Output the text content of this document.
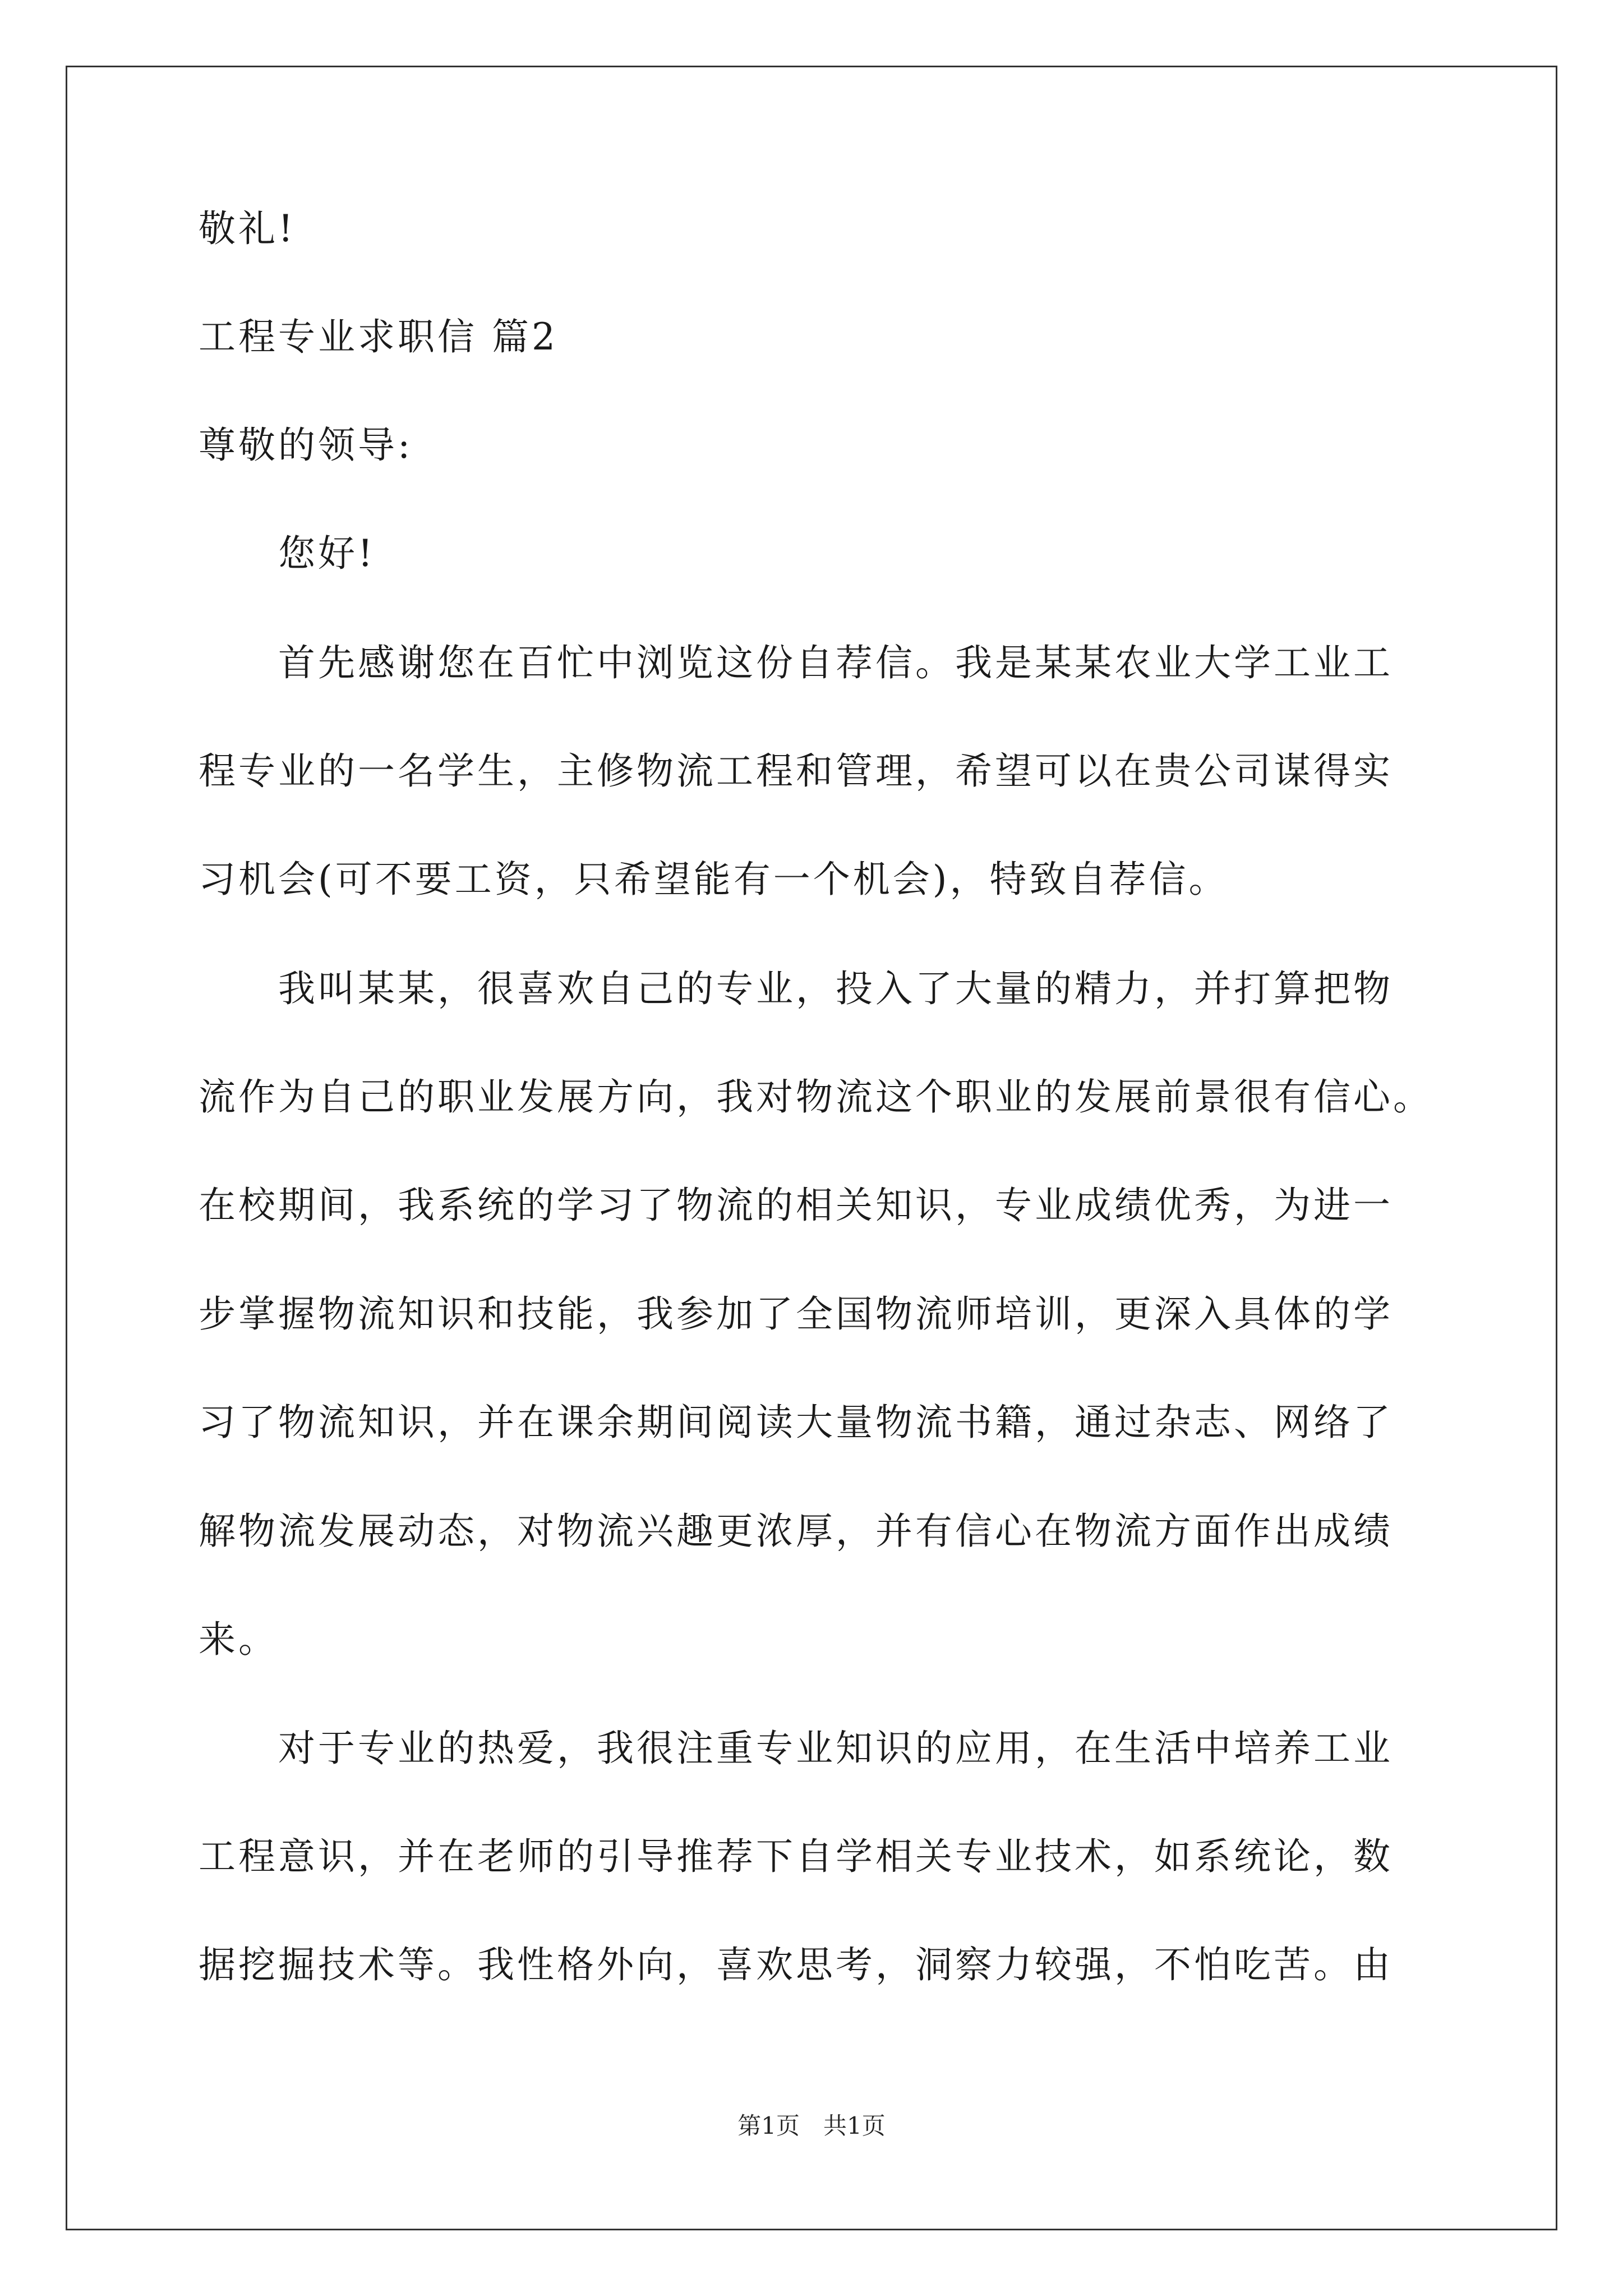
敬礼!
工程专业求职信 篇2
尊敬的领导:
您好!
首先感谢您在百忙中浏览这份自荐信。我是某某农业大学工业工
程专业的一名学生，主修物流工程和管理，希望可以在贵公司谋得实
习机会(可不要工资，只希望能有一个机会)，特致自荐信。
我叫某某，很喜欢自己的专业，投入了大量的精力，并打算把物
流作为自己的职业发展方向，我对物流这个职业的发展前景很有信心。
在校期间，我系统的学习了物流的相关知识，专业成绩优秀，为进一
步掌握物流知识和技能，我参加了全国物流师培训，更深入具体的学
习了物流知识，并在课余期间阅读大量物流书籍，通过杂志、网络了
解物流发展动态，对物流兴趣更浓厚，并有信心在物流方面作出成绩
来。
对于专业的热爱，我很注重专业知识的应用，在生活中培养工业
工程意识，并在老师的引导推荐下自学相关专业技术，如系统论，数
据挖掘技术等。我性格外向，喜欢思考，洞察力较强，不怕吃苦。由
第1页　共1页
